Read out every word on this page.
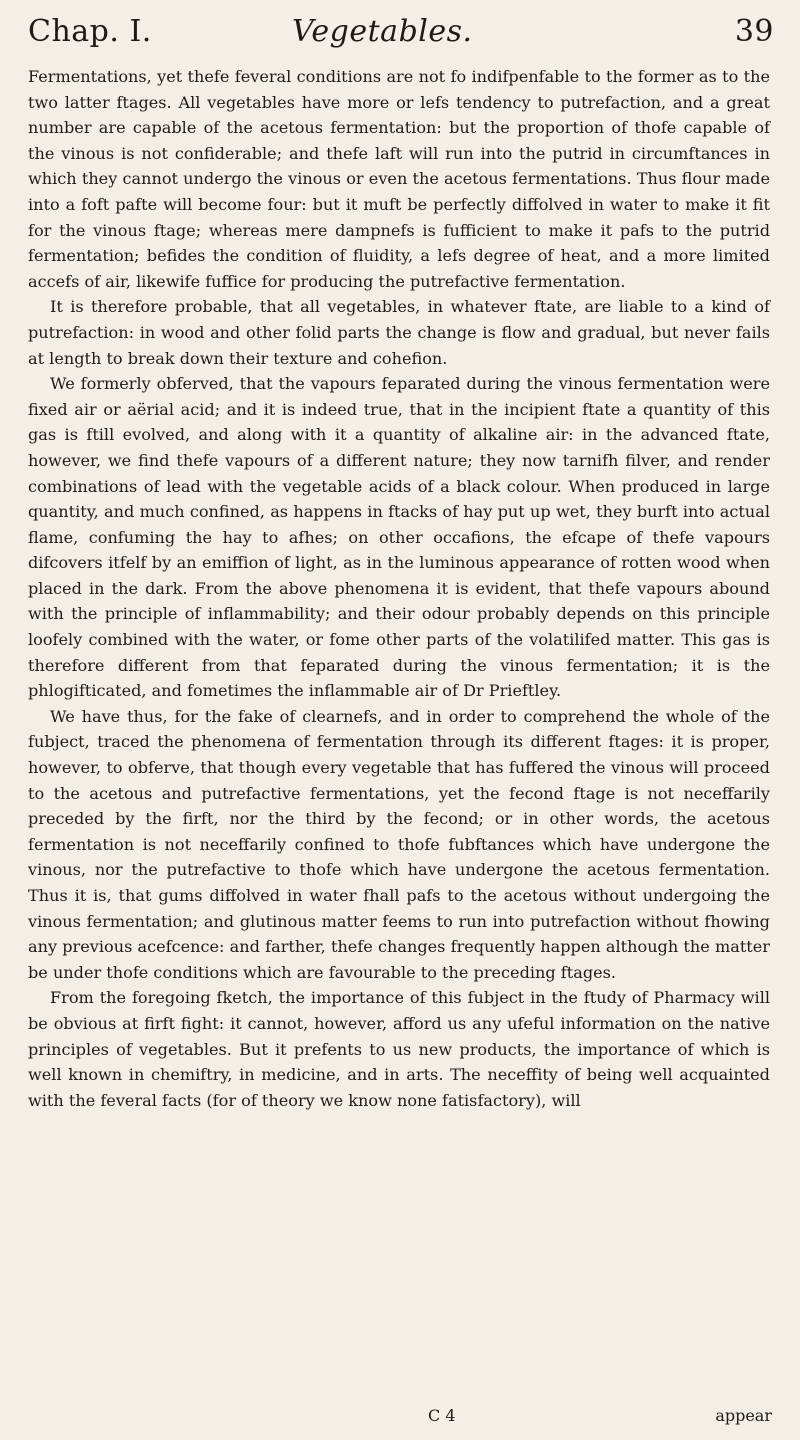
Chap. I.	Vegetables.	39

Fermentations, yet thefe feveral conditions are not fo indifpenfable to the former as to the two latter ftages. All vegetables have more or lefs tendency to putrefaction, and a great number are capable of the acetous fermentation: but the proportion of thofe capable of the vinous is not confiderable; and thefe laft will run into the putrid in circumftances in which they cannot undergo the vinous or even the acetous fermentations. Thus flour made into a foft pafte will become four: but it muft be perfectly diffolved in water to make it fit for the vinous ftage; whereas mere dampnefs is fufficient to make it pafs to the putrid fermentation; befides the condition of fluidity, a lefs degree of heat, and a more limited accefs of air, likewife fuffice for producing the putrefactive fermentation.

It is therefore probable, that all vegetables, in whatever ftate, are liable to a kind of putrefaction: in wood and other folid parts the change is flow and gradual, but never fails at length to break down their texture and cohefion.

We formerly obferved, that the vapours feparated during the vinous fermentation were fixed air or aërial acid; and it is indeed true, that in the incipient ftate a quantity of this gas is ftill evolved, and along with it a quantity of alkaline air: in the advanced ftate, however, we find thefe vapours of a different nature; they now tarnifh filver, and render combinations of lead with the vegetable acids of a black colour. When produced in large quantity, and much confined, as happens in ftacks of hay put up wet, they burft into actual flame, confuming the hay to afhes; on other occafions, the efcape of thefe vapours difcovers itfelf by an emiffion of light, as in the luminous appearance of rotten wood when placed in the dark. From the above phenomena it is evident, that thefe vapours abound with the principle of inflammability; and their odour probably depends on this principle loofely combined with the water, or fome other parts of the volatilifed matter. This gas is therefore different from that feparated during the vinous fermentation; it is the phlogifticated, and fometimes the inflammable air of Dr Prieftley.

We have thus, for the fake of clearnefs, and in order to comprehend the whole of the fubject, traced the phenomena of fermentation through its different ftages: it is proper, however, to obferve, that though every vegetable that has fuffered the vinous will proceed to the acetous and putrefactive fermentations, yet the fecond ftage is not neceffarily preceded by the firft, nor the third by the fecond; or in other words, the acetous fermentation is not neceffarily confined to thofe fubftances which have undergone the vinous, nor the putrefactive to thofe which have undergone the acetous fermentation. Thus it is, that gums diffolved in water fhall pafs to the acetous without undergoing the vinous fermentation; and glutinous matter feems to run into putrefaction without fhowing any previous acefcence: and farther, thefe changes frequently happen although the matter be under thofe conditions which are favourable to the preceding ftages.

From the foregoing fketch, the importance of this fubject in the ftudy of Pharmacy will be obvious at firft fight: it cannot, however, afford us any ufeful information on the native principles of vegetables. But it prefents to us new products, the importance of which is well known in chemiftry, in medicine, and in arts. The neceffity of being well acquainted with the feveral facts (for of theory we know none fatisfactory), will

C 4	appear
